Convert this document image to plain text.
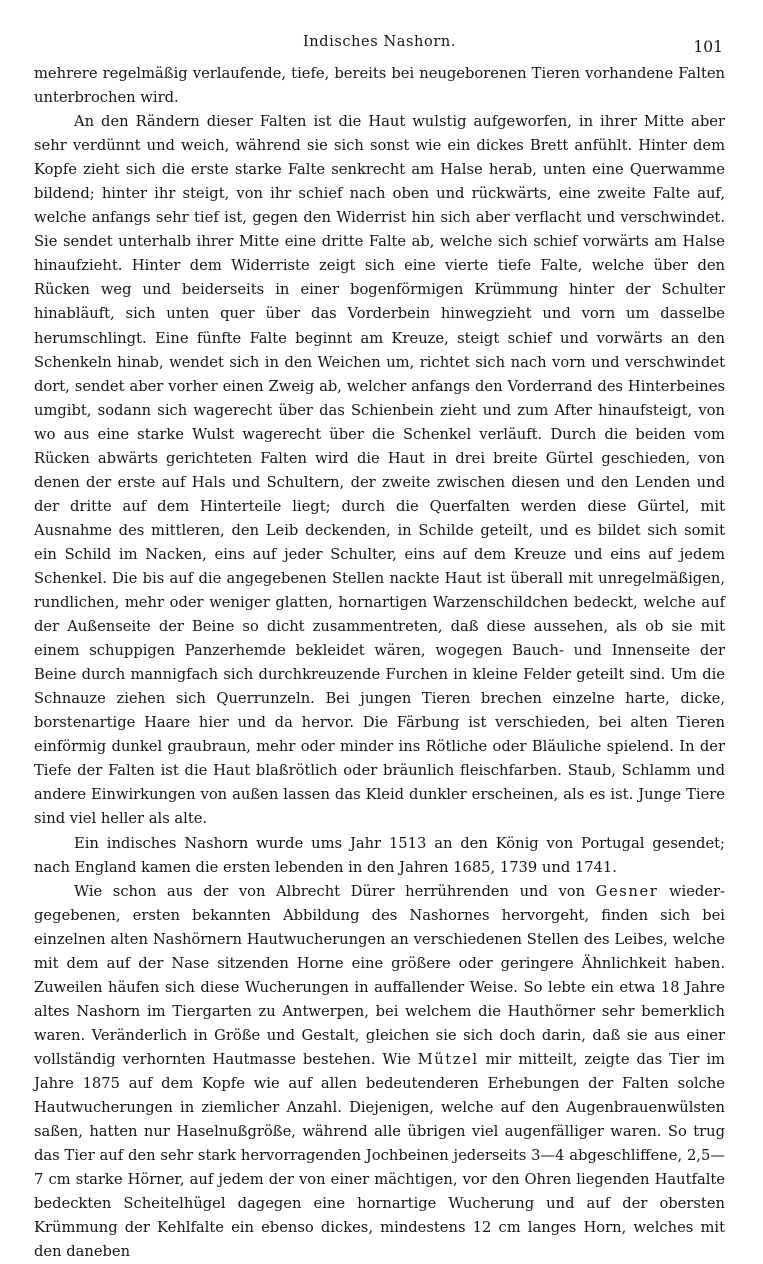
Indisches Nashorn.	101

mehrere regelmäßig verlaufende, tiefe, bereits bei neugeborenen Tieren vorhandene Falten unterbrochen wird.

An den Rändern dieser Falten ist die Haut wulstig aufgeworfen, in ihrer Mitte aber sehr verdünnt und weich, während sie sich sonst wie ein dickes Brett anfühlt. Hinter dem Kopfe zieht sich die erste starke Falte senkrecht am Halse herab, unten eine Querwamme bildend; hinter ihr steigt, von ihr schief nach oben und rückwärts, eine zweite Falte auf, welche anfangs sehr tief ist, gegen den Widerrist hin sich aber verflacht und verschwindet. Sie sendet unterhalb ihrer Mitte eine dritte Falte ab, welche sich schief vorwärts am Halse hinaufzieht. Hinter dem Widerriste zeigt sich eine vierte tiefe Falte, welche über den Rücken weg und beiderseits in einer bogenförmigen Krümmung hinter der Schulter hinabläuft, sich unten quer über das Vorderbein hinwegzieht und vorn um dasselbe herumschlingt. Eine fünfte Falte beginnt am Kreuze, steigt schief und vorwärts an den Schenkeln hinab, wendet sich in den Weichen um, richtet sich nach vorn und verschwindet dort, sendet aber vorher einen Zweig ab, welcher anfangs den Vorderrand des Hinterbeines umgibt, sodann sich wagerecht über das Schienbein zieht und zum After hinaufsteigt, von wo aus eine starke Wulst wagerecht über die Schenkel verläuft. Durch die beiden vom Rücken abwärts gerichteten Falten wird die Haut in drei breite Gürtel geschieden, von denen der erste auf Hals und Schultern, der zweite zwischen diesen und den Lenden und der dritte auf dem Hinterteile liegt; durch die Querfalten werden diese Gürtel, mit Ausnahme des mittleren, den Leib deckenden, in Schilde geteilt, und es bildet sich somit ein Schild im Nacken, eins auf jeder Schulter, eins auf dem Kreuze und eins auf jedem Schenkel. Die bis auf die angegebenen Stellen nackte Haut ist überall mit unregelmäßigen, rundlichen, mehr oder weniger glatten, hornartigen Warzenschildchen bedeckt, welche auf der Außenseite der Beine so dicht zusammentreten, daß diese aussehen, als ob sie mit einem schuppigen Panzerhemde bekleidet wären, wogegen Bauch- und Innenseite der Beine durch mannigfach sich durchkreuzende Furchen in kleine Felder geteilt sind. Um die Schnauze ziehen sich Querrunzeln. Bei jungen Tieren brechen einzelne harte, dicke, borstenartige Haare hier und da hervor. Die Färbung ist verschieden, bei alten Tieren einförmig dunkel graubraun, mehr oder minder ins Rötliche oder Bläuliche spielend. In der Tiefe der Falten ist die Haut blaßrötlich oder bräunlich fleischfarben. Staub, Schlamm und andere Einwirkungen von außen lassen das Kleid dunkler erscheinen, als es ist. Junge Tiere sind viel heller als alte.

Ein indisches Nashorn wurde ums Jahr 1513 an den König von Portugal gesendet; nach England kamen die ersten lebenden in den Jahren 1685, 1739 und 1741.

Wie schon aus der von Albrecht Dürer herrührenden und von Gesner wiedergegebenen, ersten bekannten Abbildung des Nashornes hervorgeht, finden sich bei einzelnen alten Nashörnern Hautwucherungen an verschiedenen Stellen des Leibes, welche mit dem auf der Nase sitzenden Horne eine größere oder geringere Ähnlichkeit haben. Zuweilen häufen sich diese Wucherungen in auffallender Weise. So lebte ein etwa 18 Jahre altes Nashorn im Tiergarten zu Antwerpen, bei welchem die Hauthörner sehr bemerklich waren. Veränderlich in Größe und Gestalt, gleichen sie sich doch darin, daß sie aus einer vollständig verhornten Hautmasse bestehen. Wie Mützel mir mitteilt, zeigte das Tier im Jahre 1875 auf dem Kopfe wie auf allen bedeutenderen Erhebungen der Falten solche Hautwucherungen in ziemlicher Anzahl. Diejenigen, welche auf den Augenbrauenwülsten saßen, hatten nur Haselnußgröße, während alle übrigen viel augenfälliger waren. So trug das Tier auf den sehr stark hervorragenden Jochbeinen jederseits 3—4 abgeschliffene, 2,5—7 cm starke Hörner, auf jedem der von einer mächtigen, vor den Ohren liegenden Hautfalte bedeckten Scheitelhügel dagegen eine hornartige Wucherung und auf der obersten Krümmung der Kehlfalte ein ebenso dickes, mindestens 12 cm langes Horn, welches mit den daneben
